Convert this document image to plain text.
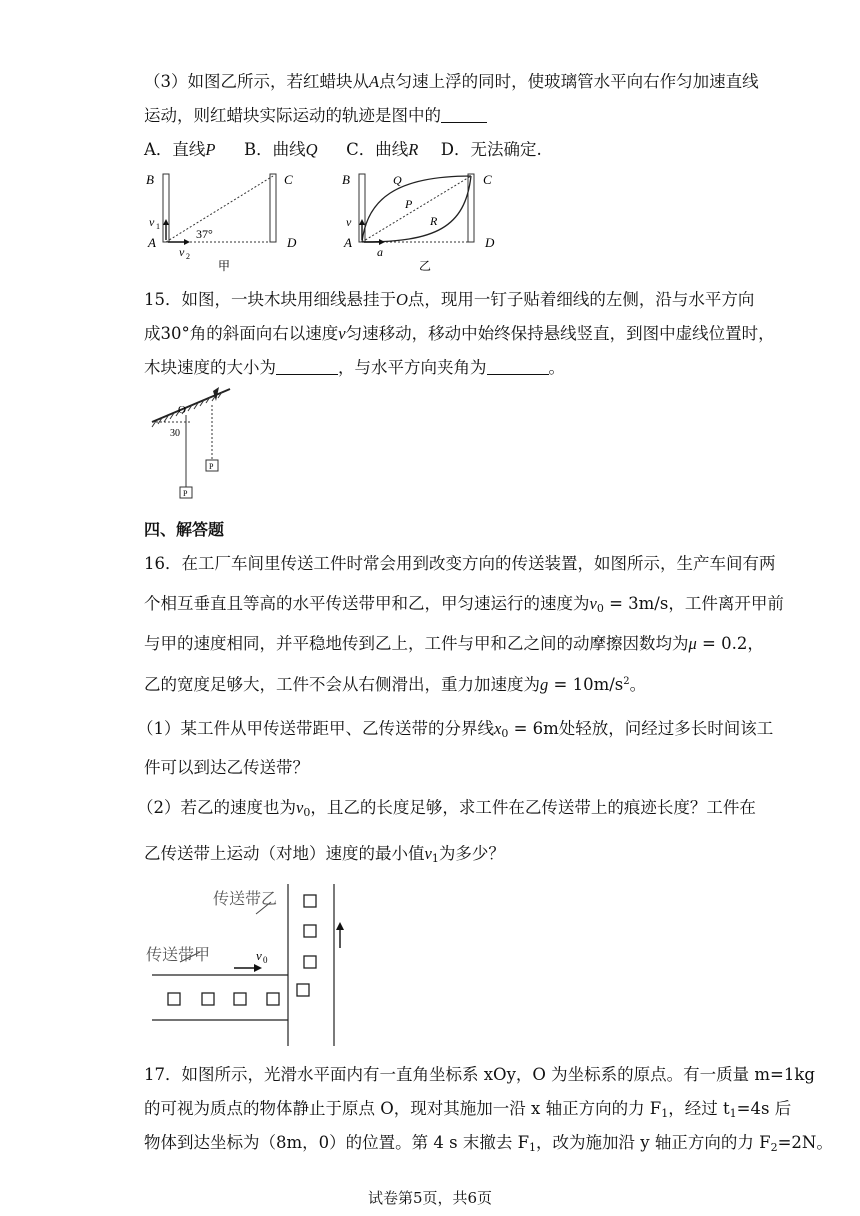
（3）如图乙所示，若红蜡块从A点匀速上浮的同时，使玻璃管水平向右作匀加速直线
运动，则红蜡块实际运动的轨迹是图中的
A．直线P B．曲线Q C．曲线R D．无法确定.
B	C
A	D
v 1
v 2
37°
甲
B	C
A	D
v
a
P
Q
R
乙
15．如图，一块木块用细线悬挂于O点，现用一钉子贴着细线的左侧，沿与水平方向
成30°角的斜面向右以速度v匀速移动，移动中始终保持悬线竖直，到图中虚线位置时，
木块速度的大小为	，与水平方向夹角为	。
O
30
P
P
四、解答题
16．在工厂车间里传送工件时常会用到改变方向的传送装置，如图所示，生产车间有两
个相互垂直且等高的水平传送带甲和乙，甲匀速运行的速度为$v_0 = 3m/s$，工件离开甲前
与甲的速度相同，并平稳地传到乙上，工件与甲和乙之间的动摩擦因数均为μ = 0.2，
乙的宽度足够大，工件不会从右侧滑出，重力加速度为$g = 10m/s^2$。
（1）某工件从甲传送带距甲、乙传送带的分界线$x_0 = 6m$处轻放，问经过多长时间该工
件可以到达乙传送带？
（2）若乙的速度也为$v_0$，且乙的长度足够，求工件在乙传送带上的痕迹长度？工件在
乙传送带上运动（对地）速度的最小值$v_1$为多少？
传送带乙
传送带甲	v 0
17．如图所示，光滑水平面内有一直角坐标系 xOy，O 为坐标系的原点。有一质量 m=1kg
的可视为质点的物体静止于原点 O，现对其施加一沿 x 轴正方向的力 $F_1$，经过 $t_1=4s$ 后
物体到达坐标为（8m，0）的位置。第 4 s 末撤去 $F_1$，改为施加沿 y 轴正方向的力 $F_2=2N$。
试卷第5页，共6页
